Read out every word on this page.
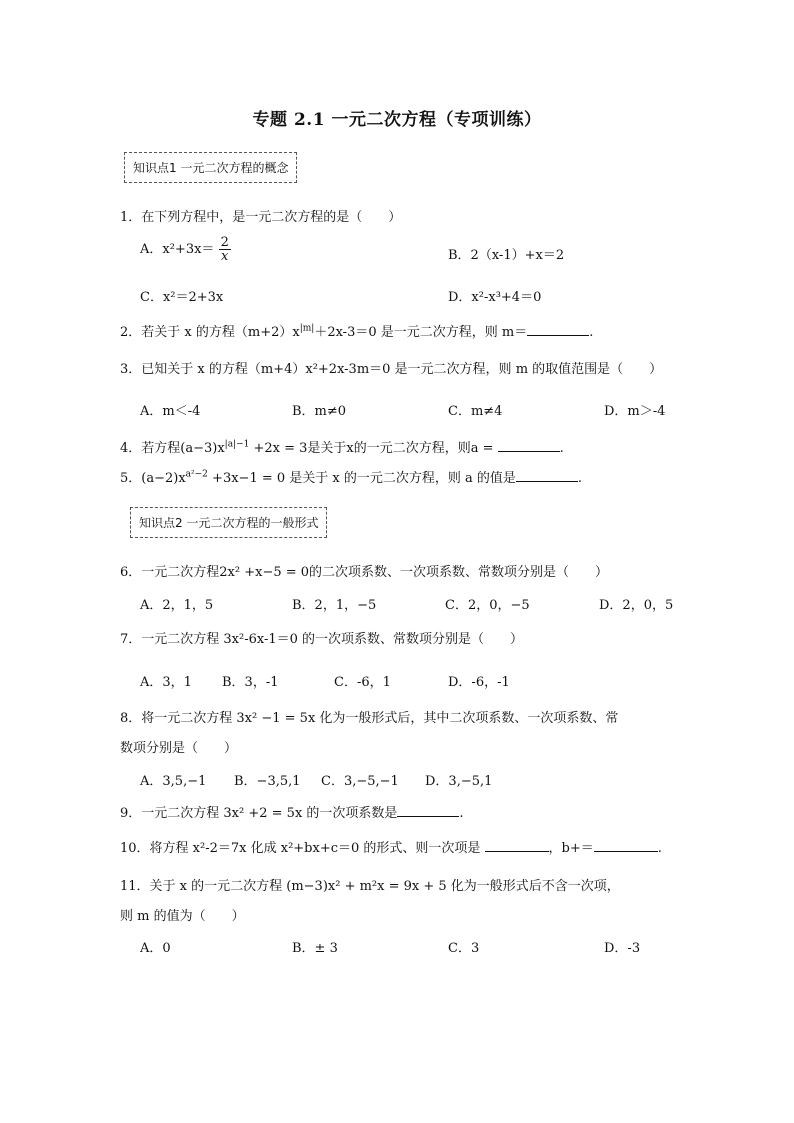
专题 2.1 一元二次方程（专项训练）
知识点1 一元二次方程的概念
1．在下列方程中，是一元二次方程的是（　　）
A．$x^2+3x= \frac{2}{x}$	B．2（x-1）+x＝2
C．x²＝2+3x	D．x²-x³+4＝0
2．若关于 x 的方程$(m+2)x^{|m|}+2x-3=0$ 是一元二次方程，则 m＝	.
3．已知关于 x 的方程（m+4）x²+2x-3m＝0 是一元二次方程，则 m 的取值范围是（　　）
A．m＜-4	B．m≠0	C．m≠4	D．m＞-4
4．若方程$(a-3)x^{|a|-1} +2x = 3$是关于x的一元二次方程，则a =	.
5．$(a-2)x^{a^2-2} +3x-1 = 0$ 是关于 x 的一元二次方程，则 a 的值是	.
知识点2 一元二次方程的一般形式
6．一元二次方程2x² +x−5 = 0的二次项系数、一次项系数、常数项分别是（　　）
A．2，1，5	B．2，1，−5	C．2，0，−5	D．2，0，5
7．一元二次方程 3x²-6x-1＝0 的一次项系数、常数项分别是（　　）
A．3，1 B．3，-1	C．-6，1	D．-6，-1
8．将一元二次方程 3x² −1 = 5x 化为一般形式后，其中二次项系数、一次项系数、常
数项分别是（　　）
A．3,5,−1 B．−3,5,1 C．3,−5,−1 D．3,−5,1
9．一元二次方程 3x² +2 = 5x 的一次项系数是	.
10．将方程 x²-2＝7x 化成 x²+bx+c＝0 的形式、则一次项是	，b+＝	.
11．关于 x 的一元二次方程 (m−3)x² + m²x = 9x + 5 化为一般形式后不含一次项，
则 m 的值为（　　）
A．0	B．± 3	C．3	D．-3
